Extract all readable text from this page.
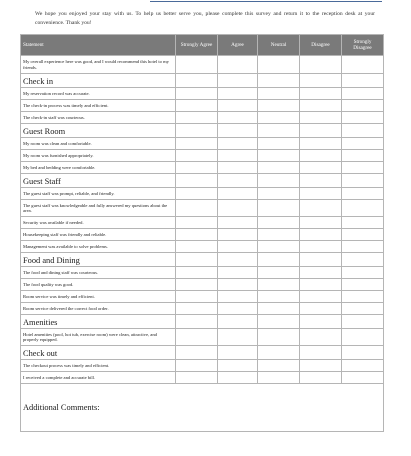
We hope you enjoyed your stay with us. To help us better serve you, please complete this survey and return it to the reception desk at your convenience. Thank you!
Statement	Strongly Agree	Agree	Neutral	Disagree	Strongly Disagree
My overall experience here was good, and I would recommend this hotel to my friends.					
Check in					
My reservation record was accurate.					
The check-in process was timely and efficient.					
The check-in staff was courteous.					
Guest Room					
My room was clean and comfortable.					
My room was furnished appropriately.					
My bed and bedding were comfortable.					
Guest Staff					
The guest staff was prompt, reliable, and friendly.					
The guest staff was knowledgeable and fully answered my questions about the area.					
Security was available if needed.					
Housekeeping staff was friendly and reliable.					
Management was available to solve problems.					
Food and Dining					
The food and dining staff was courteous.					
The food quality was good.					
Room service was timely and efficient.					
Room service delivered the correct food order.					
Amenities					
Hotel amenities (pool, hot tub, exercise room) were clean, attractive, and properly equipped.					
Check out					
The checkout process was timely and efficient.					
I received a complete and accurate bill.					
Additional Comments:					
